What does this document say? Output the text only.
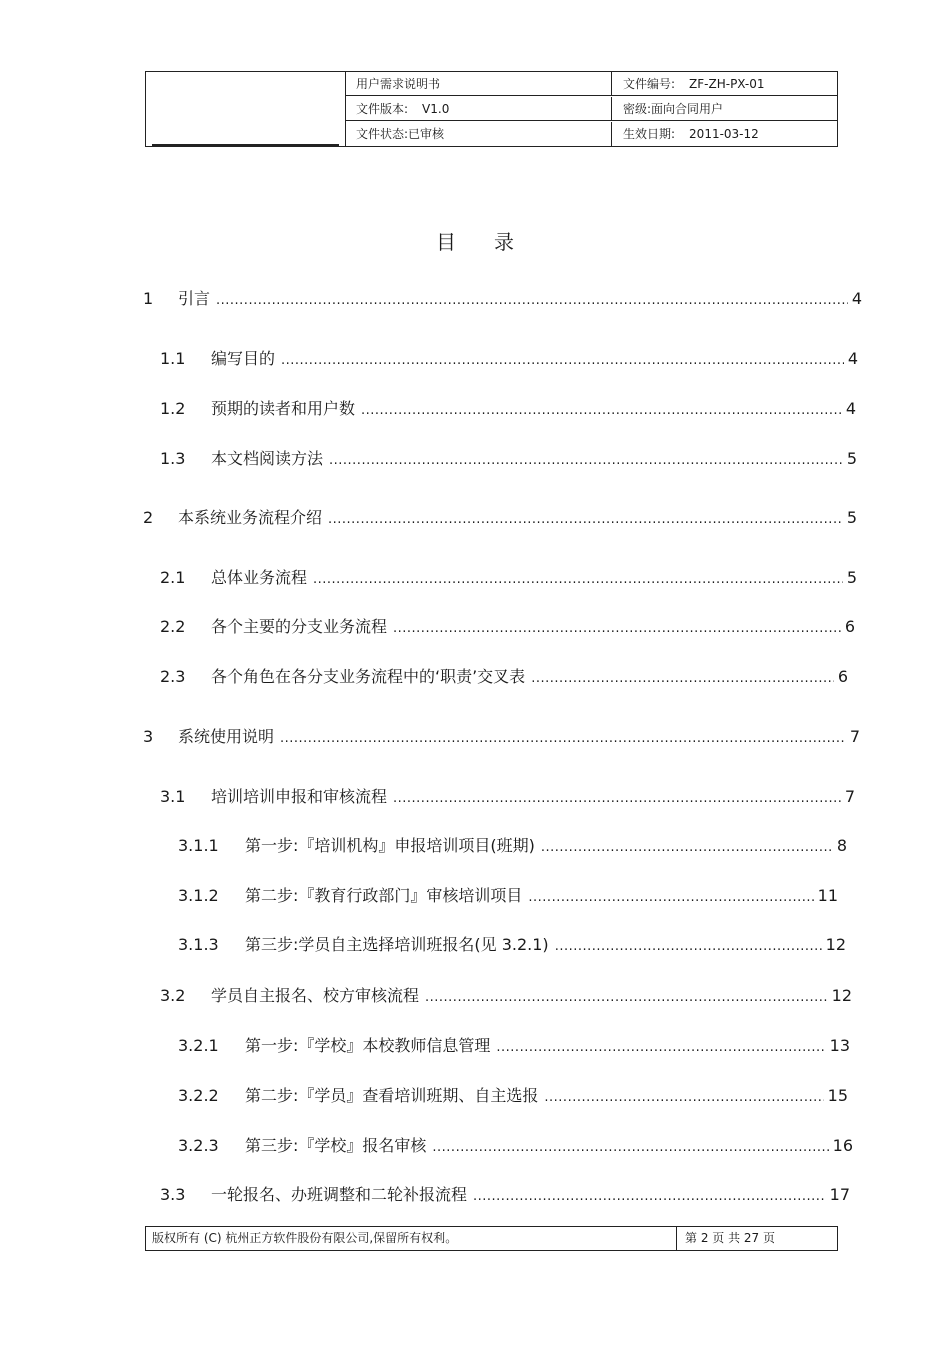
用户需求说明书	文件编号: ZF-ZH-PX-01
文件版本: V1.0	密级:面向合同用户
文件状态:已审核	生效日期: 2011-03-12
目 录
1	引言 .....	4
1.1	编写目的 .....	4
1.2	预期的读者和用户数 .....	4
1.3	本文档阅读方法 .....	5
2	本系统业务流程介绍 .....	5
2.1	总体业务流程 .....	5
2.2	各个主要的分支业务流程 .....	6
2.3	各个角色在各分支业务流程中的‘职责’交叉表 .....	6
3	系统使用说明 .....	7
3.1	培训培训申报和审核流程 .....	7
3.1.1	第一步:『培训机构』申报培训项目(班期) .....	8
3.1.2	第二步:『教育行政部门』审核培训项目 .....	11
3.1.3	第三步:学员自主选择培训班报名(见 3.2.1) .....	12
3.2	学员自主报名、校方审核流程 .....	12
3.2.1	第一步:『学校』本校教师信息管理 .....	13
3.2.2	第二步:『学员』查看培训班期、自主选报 .....	15
3.2.3	第三步:『学校』报名审核 .....	16
3.3	一轮报名、办班调整和二轮补报流程 .....	17
版权所有 (C) 杭州正方软件股份有限公司,保留所有权利。	第 2 页 共 27 页
